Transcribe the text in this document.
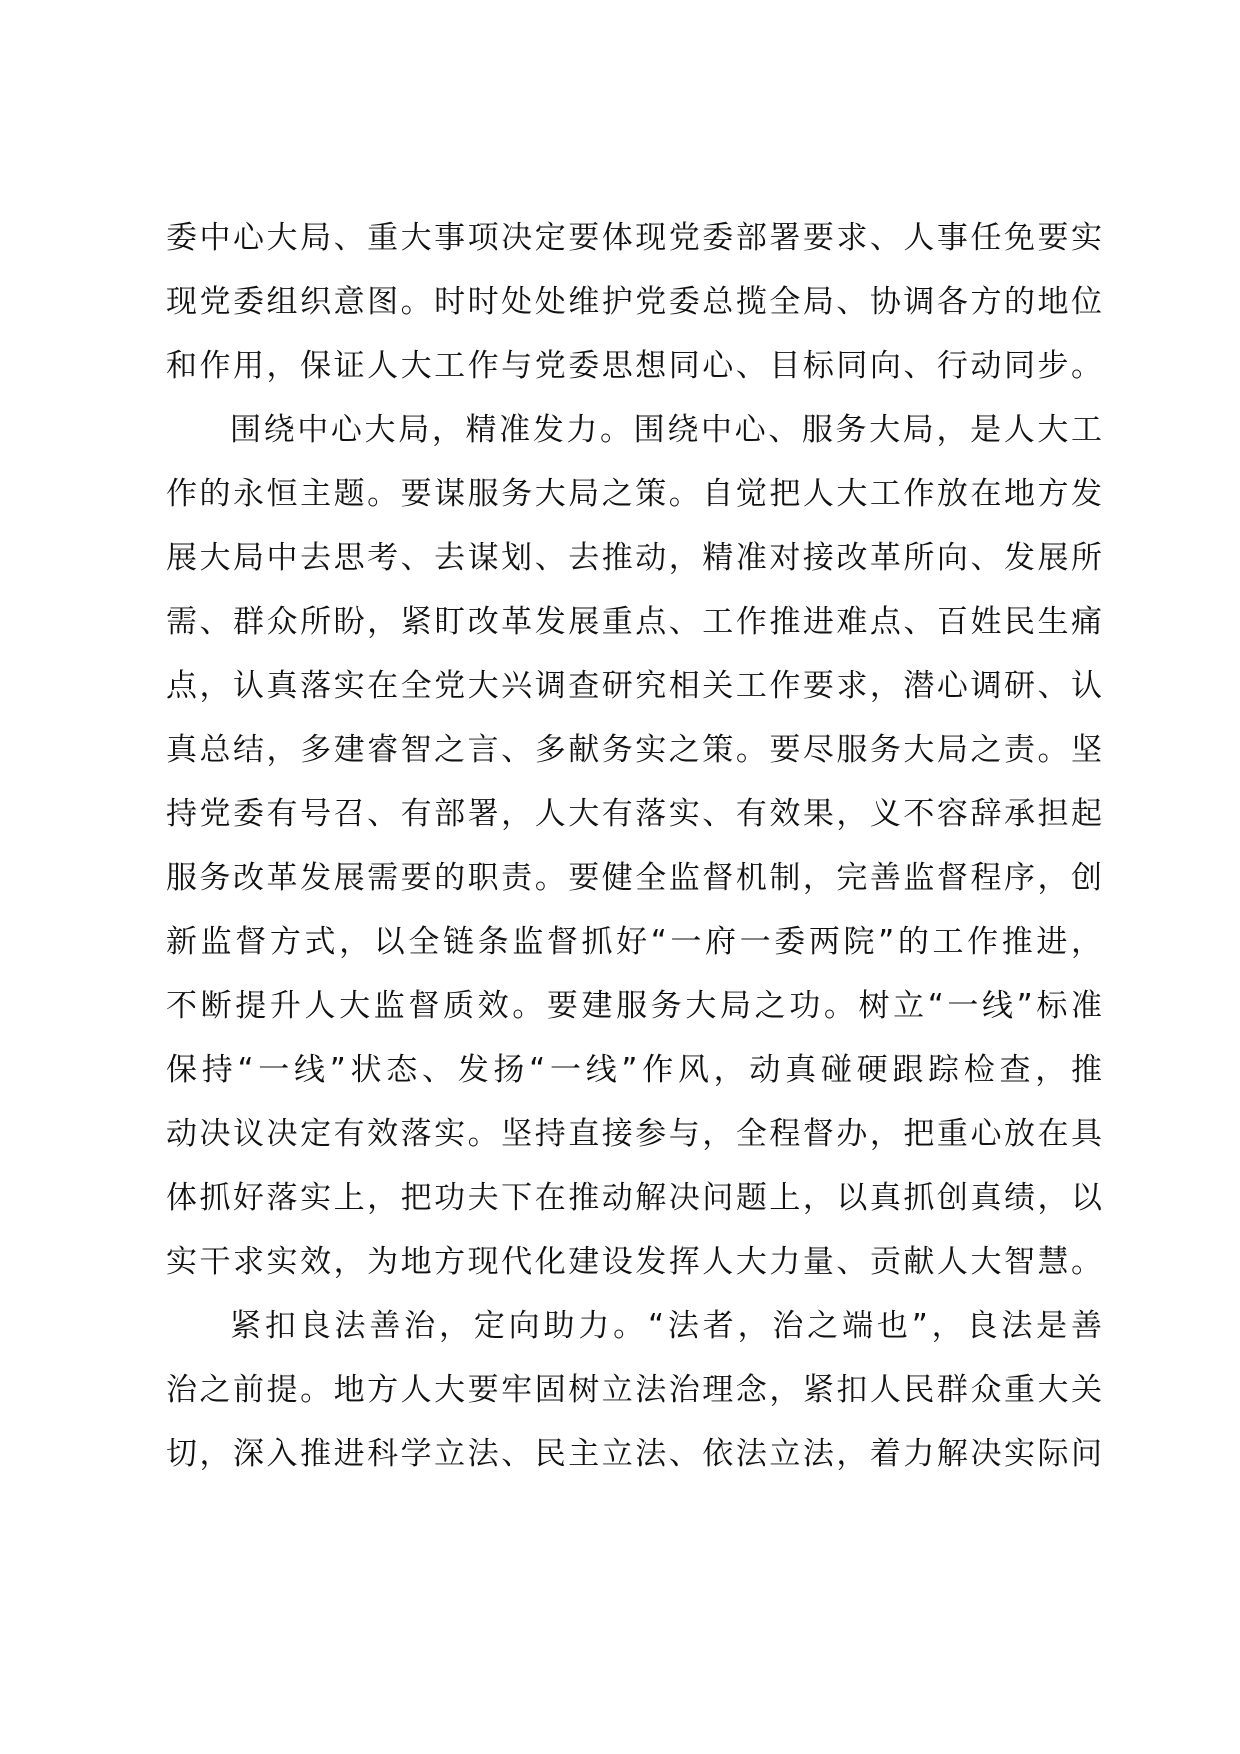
委中心大局、重大事项决定要体现党委部署要求、人事任免要实
现党委组织意图。时时处处维护党委总揽全局、协调各方的地位
和作用，保证人大工作与党委思想同心、目标同向、行动同步。
围绕中心大局，精准发力。围绕中心、服务大局，是人大工
作的永恒主题。要谋服务大局之策。自觉把人大工作放在地方发
展大局中去思考、去谋划、去推动，精准对接改革所向、发展所
需、群众所盼，紧盯改革发展重点、工作推进难点、百姓民生痛
点，认真落实在全党大兴调查研究相关工作要求，潜心调研、认
真总结，多建睿智之言、多献务实之策。要尽服务大局之责。坚
持党委有号召、有部署，人大有落实、有效果，义不容辞承担起
服务改革发展需要的职责。要健全监督机制，完善监督程序，创
新监督方式，以全链条监督抓好“一府一委两院”的工作推进，
不断提升人大监督质效。要建服务大局之功。树立“一线”标准
保持“一线”状态、发扬“一线”作风，动真碰硬跟踪检查，推
动决议决定有效落实。坚持直接参与，全程督办，把重心放在具
体抓好落实上，把功夫下在推动解决问题上，以真抓创真绩，以
实干求实效，为地方现代化建设发挥人大力量、贡献人大智慧。
紧扣良法善治，定向助力。“法者，治之端也”，良法是善
治之前提。地方人大要牢固树立法治理念，紧扣人民群众重大关
切，深入推进科学立法、民主立法、依法立法，着力解决实际问
